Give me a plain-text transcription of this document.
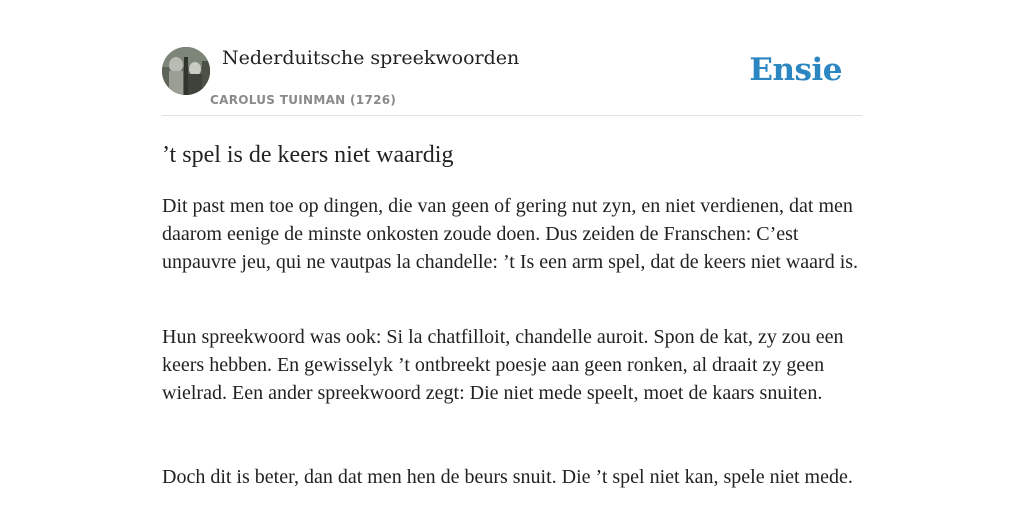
Nederduitsche spreekwoorden
CAROLUS TUINMAN (1726)
Ensie
’t spel is de keers niet waardig

Dit past men toe op dingen, die van geen of gering nut zyn, en niet verdienen, dat men daarom eenige de minste onkosten zoude doen. Dus zeiden de Franschen: C’est unpauvre jeu, qui ne vautpas la chandelle: ’t Is een arm spel, dat de keers niet waard is.

Hun spreekwoord was ook: Si la chatfilloit, chandelle auroit. Spon de kat, zy zou een keers hebben. En gewisselyk ’t ontbreekt poesje aan geen ronken, al draait zy geen wielrad. Een ander spreekwoord zegt: Die niet mede speelt, moet de kaars snuiten.

Doch dit is beter, dan dat men hen de beurs snuit. Die ’t spel niet kan, spele niet mede.
